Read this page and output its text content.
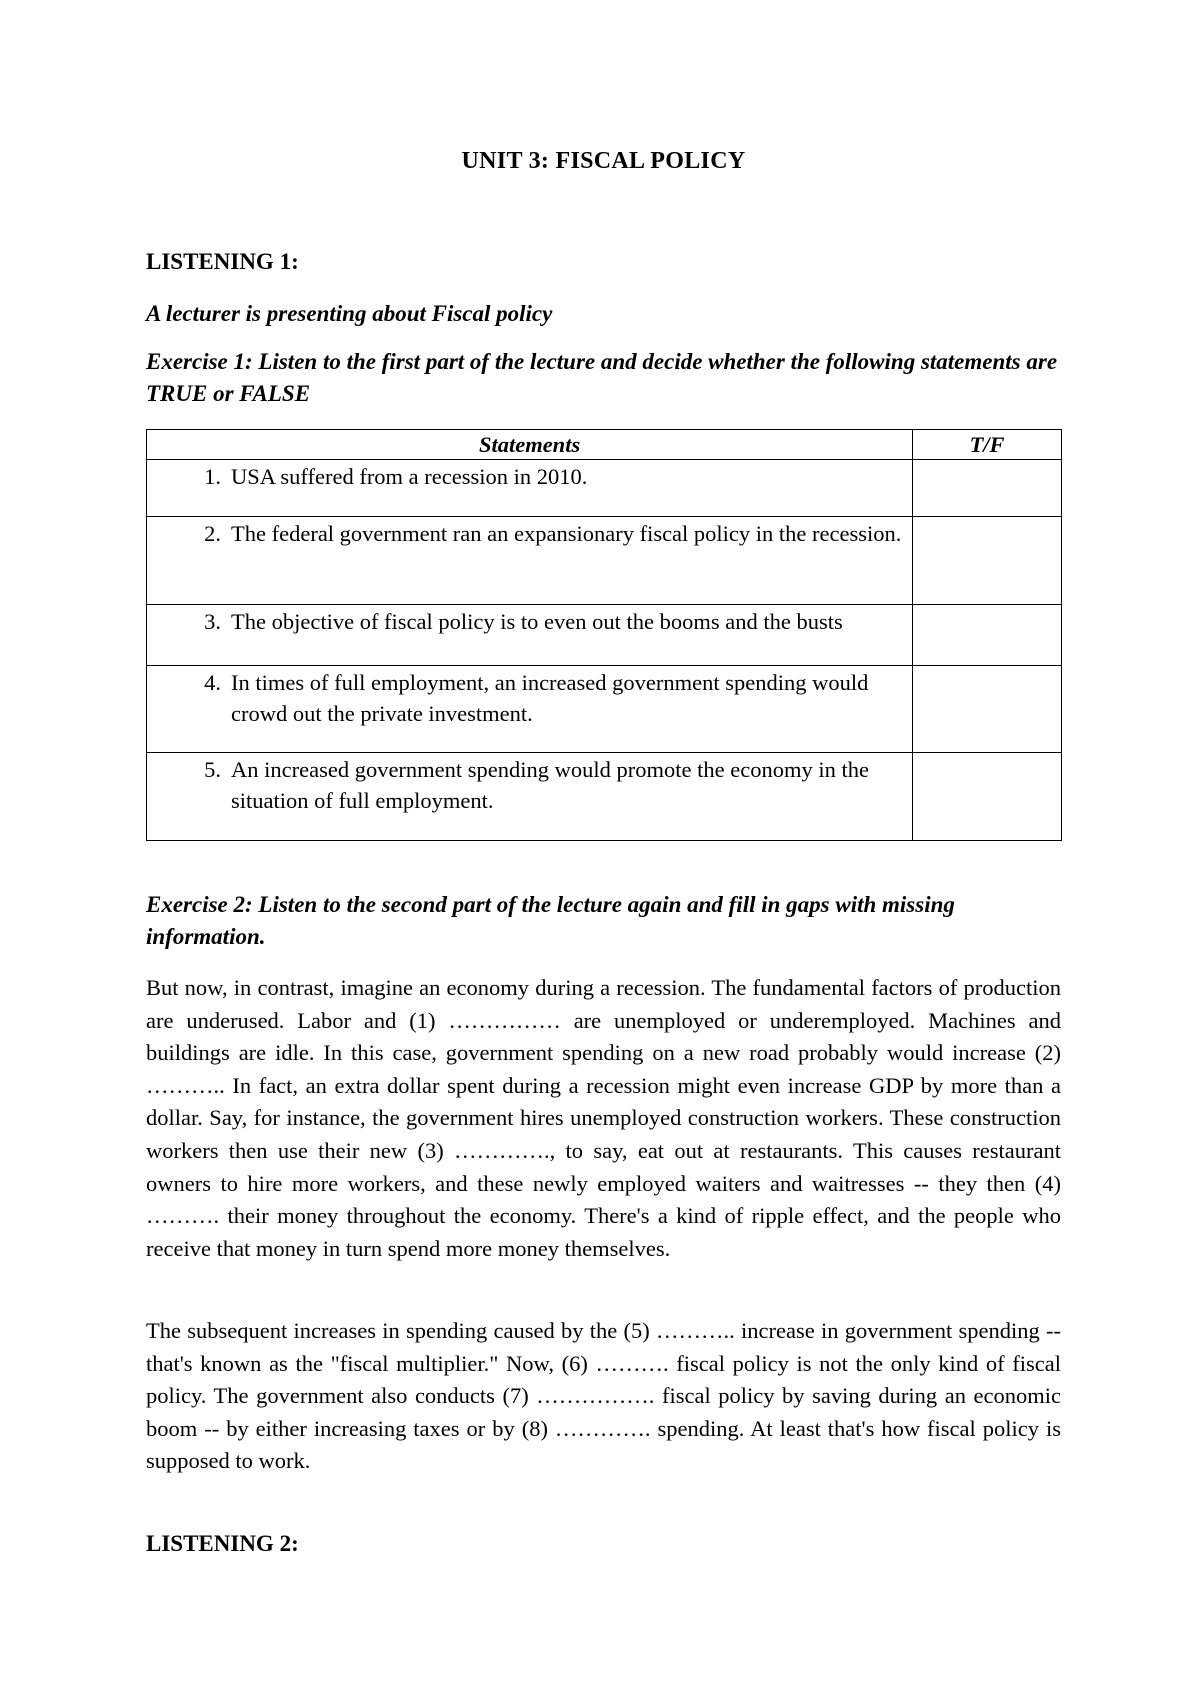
UNIT 3: FISCAL POLICY
LISTENING 1:
A lecturer is presenting about Fiscal policy
Exercise 1: Listen to the first part of the lecture and decide whether the following statements are TRUE or FALSE
Statements	T/F

1. USA suffered from a recession in 2010.	

2. The federal government ran an expansionary fiscal policy in the recession.	

3. The objective of fiscal policy is to even out the booms and the busts	

4. In times of full employment, an increased government spending would crowd out the private investment.	

5. An increased government spending would promote the economy in the situation of full employment.	

Exercise 2: Listen to the second part of the lecture again and fill in gaps with missing information.
But now, in contrast, imagine an economy during a recession. The fundamental factors of production are underused. Labor and (1) …………… are unemployed or underemployed. Machines and buildings are idle. In this case, government spending on a new road probably would increase (2) ……….. In fact, an extra dollar spent during a recession might even increase GDP by more than a dollar. Say, for instance, the government hires unemployed construction workers. These construction workers then use their new (3) …………., to say, eat out at restaurants. This causes restaurant owners to hire more workers, and these newly employed waiters and waitresses -- they then (4) ………. their money throughout the economy. There's a kind of ripple effect, and the people who receive that money in turn spend more money themselves.
The subsequent increases in spending caused by the (5) ……….. increase in government spending -- that's known as the "fiscal multiplier." Now, (6) ………. fiscal policy is not the only kind of fiscal policy. The government also conducts (7) ……………. fiscal policy by saving during an economic boom -- by either increasing taxes or by (8) …………. spending. At least that's how fiscal policy is supposed to work.
LISTENING 2:
